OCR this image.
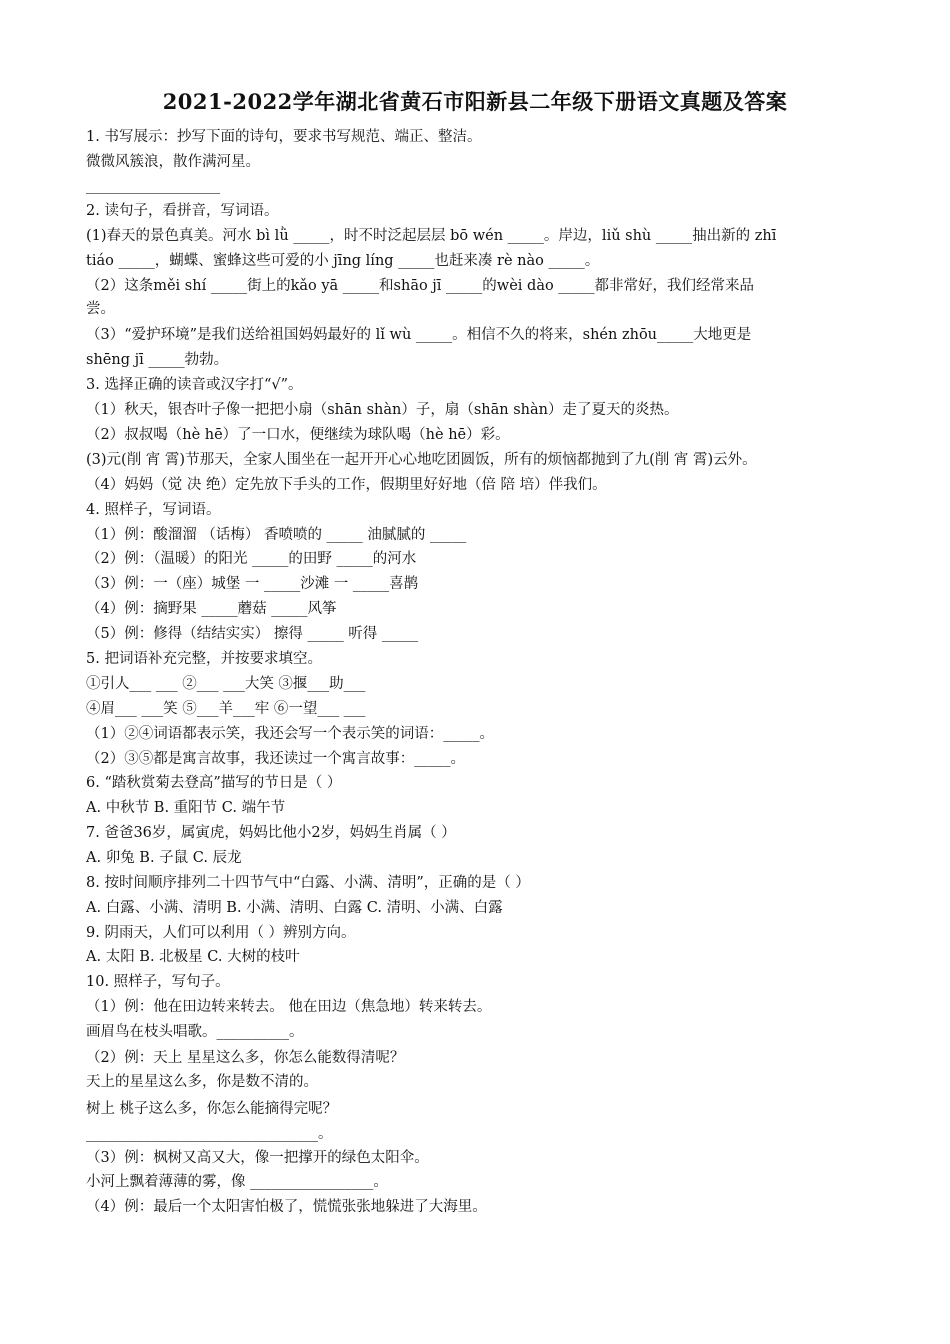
2021-2022学年湖北省黄石市阳新县二年级下册语文真题及答案
1. 书写展示：抄写下面的诗句，要求书写规范、端正、整洁。
微微风簇浪，散作满河星。
2. 读句子，看拼音，写词语。
(1)春天的景色真美。河水 bì lǜ _____，时不时泛起层层 bō wén _____。岸边，liǔ shù _____抽出新的 zhī
tiáo _____，蝴蝶、蜜蜂这些可爱的小 jīng líng _____也赶来凑 rè nào _____。
（2）这条měi shí _____街上的kǎo yā _____和shāo jī _____的wèi dào _____都非常好，我们经常来品
尝。
（3）“爱护环境”是我们送给祖国妈妈最好的 lǐ wù _____。相信不久的将来，shén zhōu_____大地更是
shēng jī _____勃勃。
3. 选择正确的读音或汉字打“√”。
（1）秋天，银杏叶子像一把把小扇（shān shàn）子，扇（shān shàn）走了夏天的炎热。
（2）叔叔喝（hè hē）了一口水，便继续为球队喝（hè hē）彩。
(3)元(削 宵 霄)节那天，全家人围坐在一起开开心心地吃团圆饭，所有的烦恼都抛到了九(削 宵 霄)云外。
（4）妈妈（觉 决 绝）定先放下手头的工作，假期里好好地（倍 陪 培）伴我们。
4. 照样子，写词语。
（1）例：酸溜溜 （话梅） 香喷喷的 _____ 油腻腻的 _____
（2）例：（温暖）的阳光 _____的田野 _____的河水
（3）例：一（座）城堡 一 _____沙滩 一 _____喜鹊
（4）例：摘野果 _____蘑菇 _____风筝
（5）例：修得（结结实实） 擦得 _____ 听得 _____
5. 把词语补充完整，并按要求填空。
①引人___ ___ ②___ ___大笑 ③揠___助___
④眉___ ___笑 ⑤___羊___牢 ⑥一望___ ___
（1）②④词语都表示笑，我还会写一个表示笑的词语：_____。
（2）③⑤都是寓言故事，我还读过一个寓言故事：_____。
6. “踏秋赏菊去登高”描写的节日是（ ）
A. 中秋节 B. 重阳节 C. 端午节
7. 爸爸36岁，属寅虎，妈妈比他小2岁，妈妈生肖属（ ）
A. 卯兔 B. 子鼠 C. 辰龙
8. 按时间顺序排列二十四节气中“白露、小满、清明”，正确的是（ ）
A. 白露、小满、清明 B. 小满、清明、白露 C. 清明、小满、白露
9. 阴雨天，人们可以利用（ ）辨别方向。
A. 太阳 B. 北极星 C. 大树的枝叶
10. 照样子，写句子。
（1）例：他在田边转来转去。 他在田边（焦急地）转来转去。
画眉鸟在枝头唱歌。__________。
（2）例：天上 星星这么多，你怎么能数得清呢？
天上的星星这么多，你是数不清的。
树上 桃子这么多，你怎么能摘得完呢？
________________________________。
（3）例：枫树又高又大，像一把撑开的绿色太阳伞。
小河上飘着薄薄的雾，像 _________________。
（4）例：最后一个太阳害怕极了，慌慌张张地躲进了大海里。
